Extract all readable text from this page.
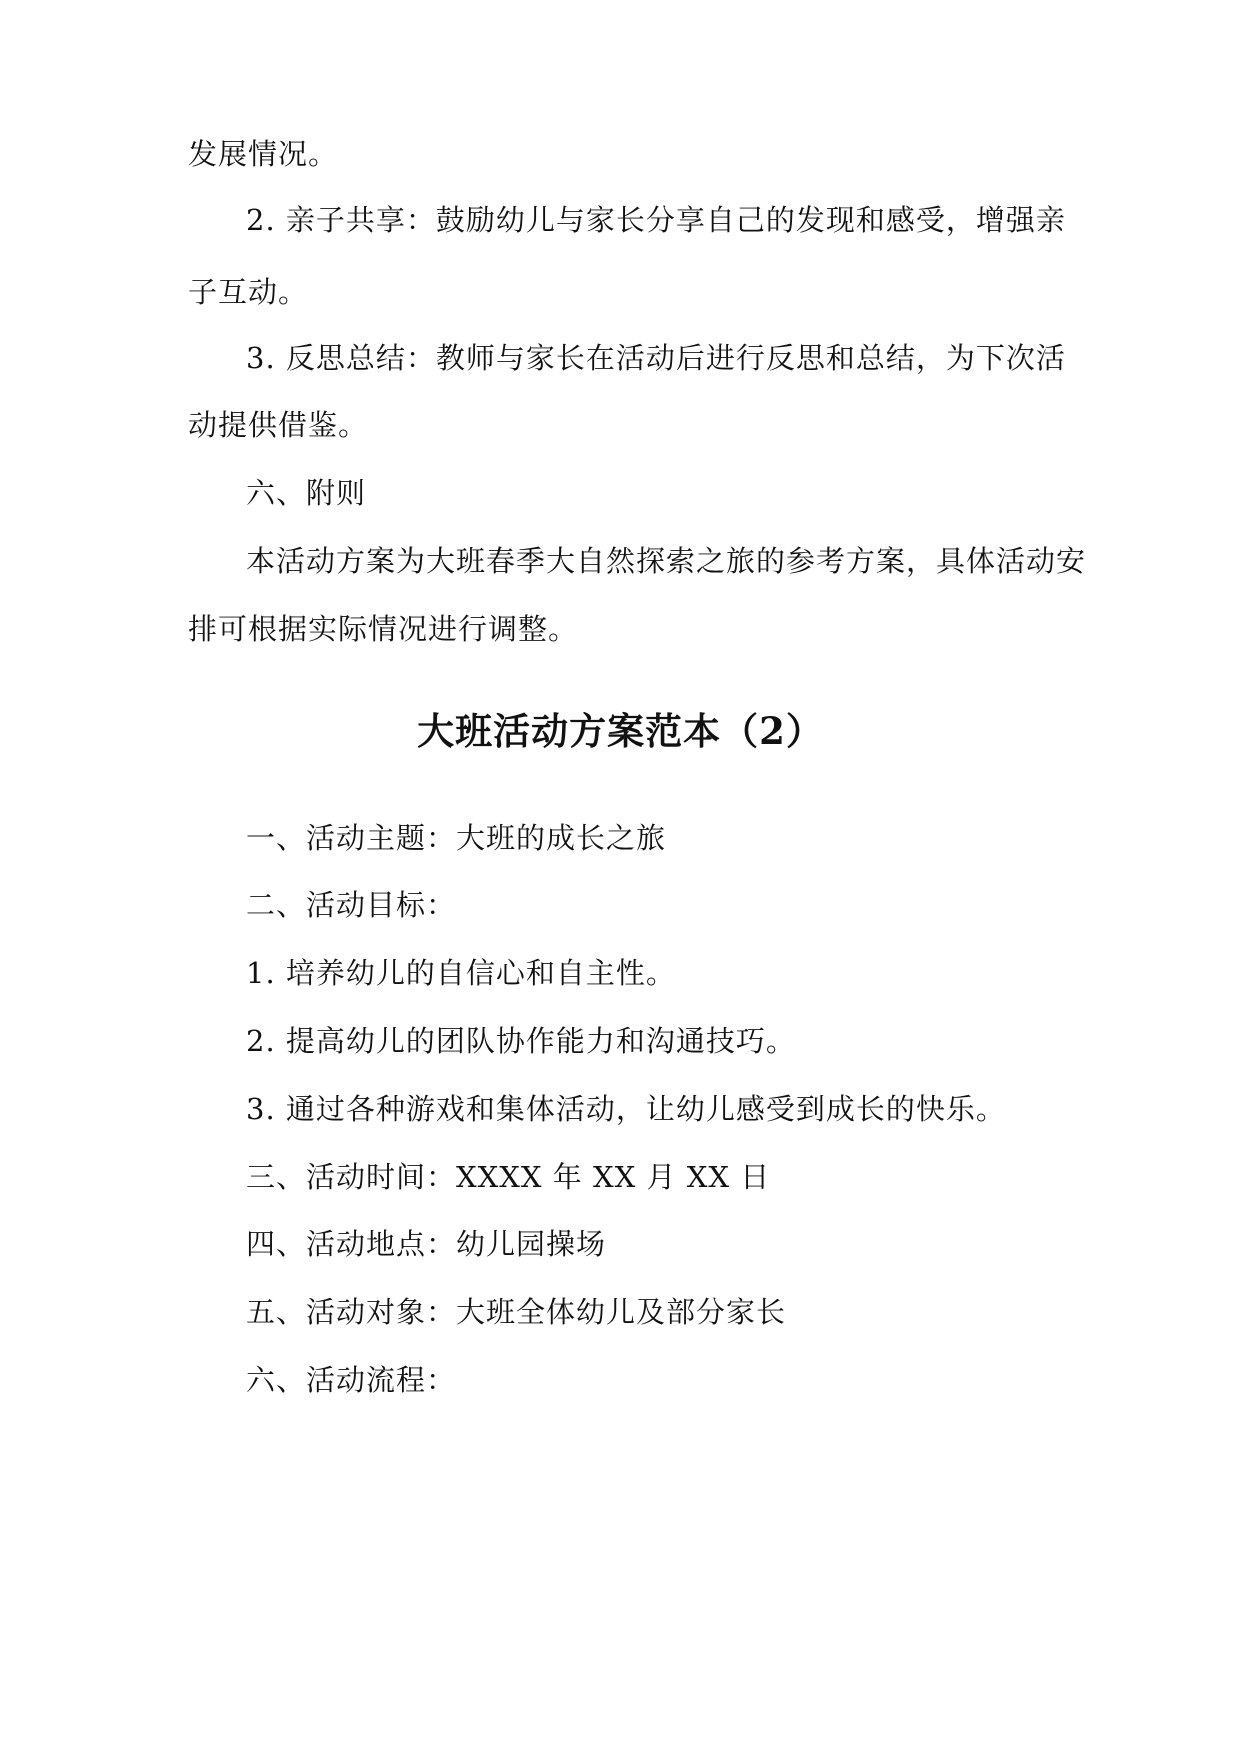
发展情况。
2. 亲子共享：鼓励幼儿与家长分享自己的发现和感受，增强亲
子互动。
3. 反思总结：教师与家长在活动后进行反思和总结，为下次活
动提供借鉴。
六、附则
本活动方案为大班春季大自然探索之旅的参考方案，具体活动安
排可根据实际情况进行调整。
大班活动方案范本（2）
一、活动主题：大班的成长之旅
二、活动目标：
1. 培养幼儿的自信心和自主性。
2. 提高幼儿的团队协作能力和沟通技巧。
3. 通过各种游戏和集体活动，让幼儿感受到成长的快乐。
三、活动时间：XXXX 年 XX 月 XX 日
四、活动地点：幼儿园操场
五、活动对象：大班全体幼儿及部分家长
六、活动流程：
